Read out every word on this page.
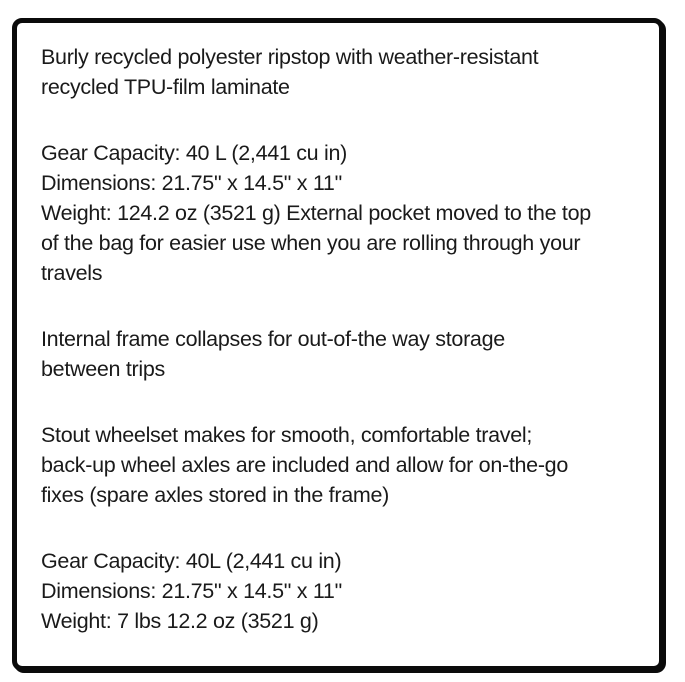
Burly recycled polyester ripstop with weather-resistant
recycled TPU-film laminate
Gear Capacity: 40 L (2,441 cu in)
Dimensions: 21.75" x 14.5" x 11"
Weight: 124.2 oz (3521 g) External pocket moved to the top
of the bag for easier use when you are rolling through your
travels
Internal frame collapses for out-of-the way storage
between trips
Stout wheelset makes for smooth, comfortable travel;
back-up wheel axles are included and allow for on-the-go
fixes (spare axles stored in the frame)
Gear Capacity: 40L (2,441 cu in)
Dimensions: 21.75" x 14.5" x 11"
Weight: 7 lbs 12.2 oz (3521 g)
